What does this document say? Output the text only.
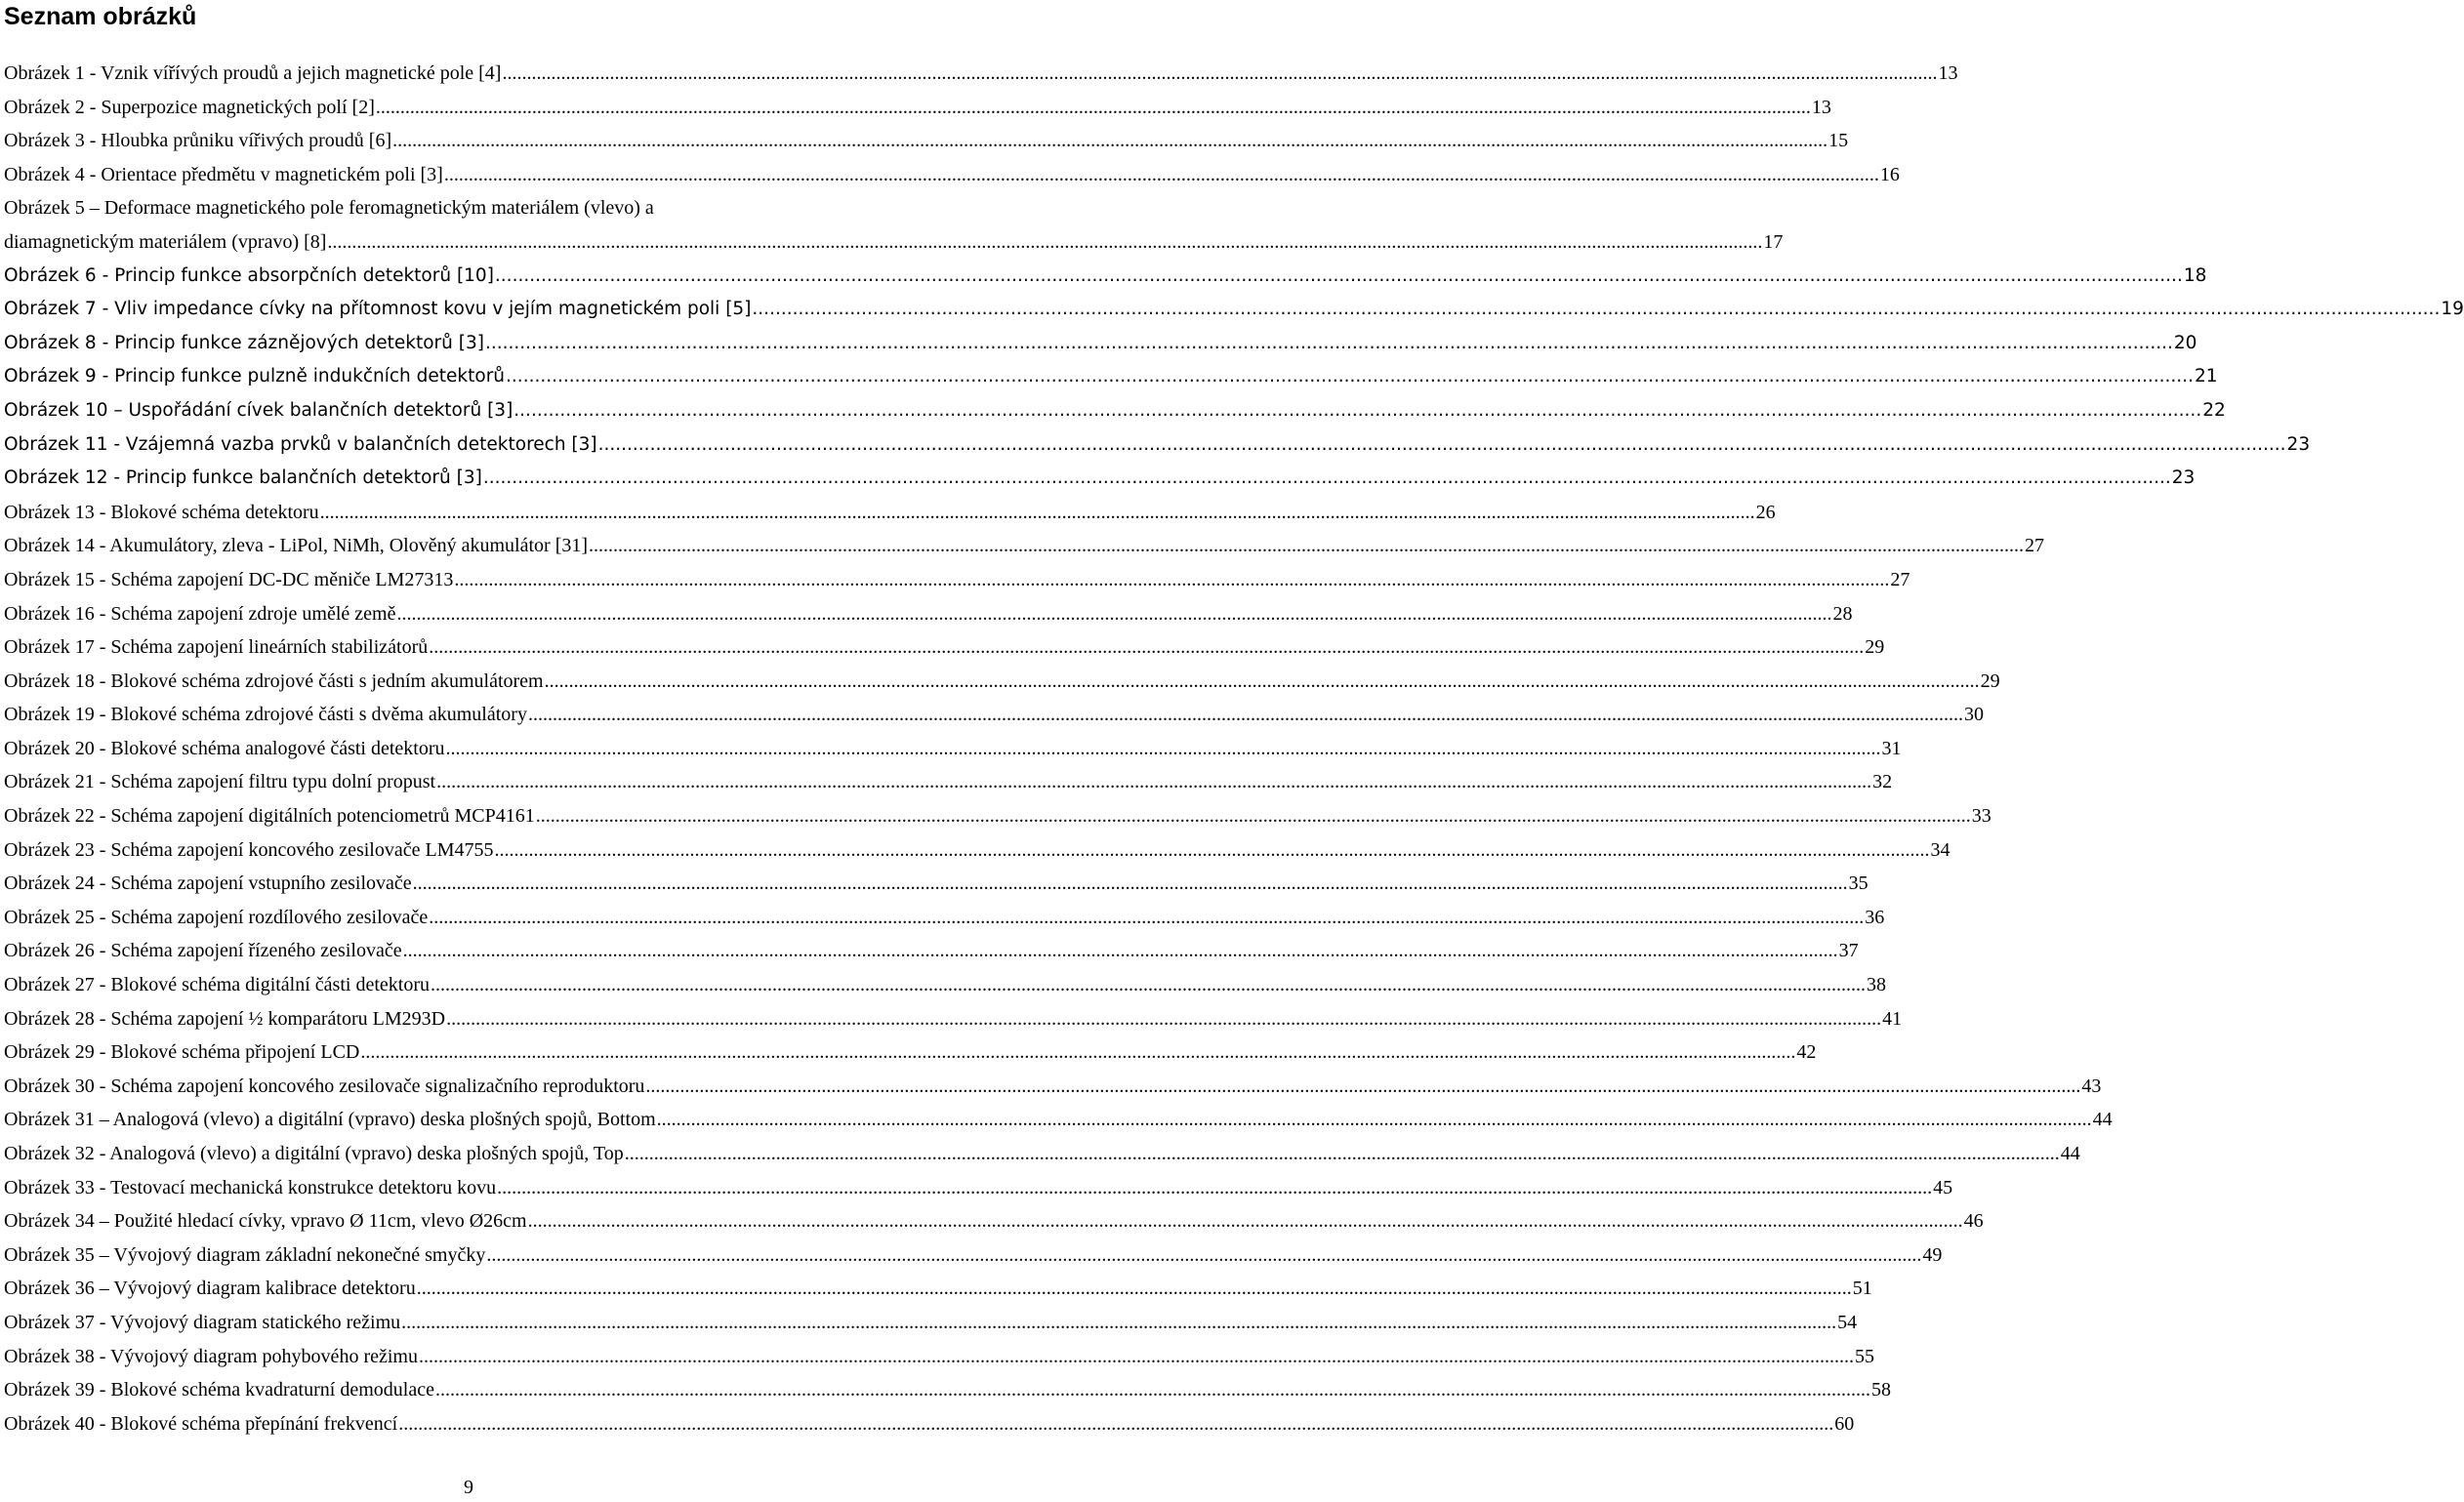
Seznam obrázků
Obrázek 1 - Vznik vířívých proudů a jejich magnetické pole [4] .....	13
Obrázek 2 - Superpozice magnetických polí [2] .....	13
Obrázek 3 - Hloubka průniku vířivých proudů [6] .....	15
Obrázek 4 - Orientace předmětu v magnetickém poli [3] .....	16
Obrázek 5 – Deformace magnetického pole feromagnetickým materiálem (vlevo) a
diamagnetickým materiálem (vpravo) [8] .....	17
Obrázek 6 - Princip funkce absorpčních detektorů [10] .....	18
Obrázek 7 - Vliv impedance cívky na přítomnost kovu v jejím magnetickém poli [5] .....	19
Obrázek 8 - Princip funkce záznějových detektorů [3] .....	20
Obrázek 9 - Princip funkce pulzně indukčních detektorů .....	21
Obrázek 10 – Uspořádání cívek balančních detektorů [3] .....	22
Obrázek 11 - Vzájemná vazba prvků v balančních detektorech [3] .....	23
Obrázek 12 - Princip funkce balančních detektorů [3] .....	23
Obrázek 13 - Blokové schéma detektoru .....	26
Obrázek 14 - Akumulátory, zleva - LiPol, NiMh, Olověný akumulátor [31] .....	27
Obrázek 15 - Schéma zapojení DC-DC měniče LM27313 .....	27
Obrázek 16 - Schéma zapojení zdroje umělé země .....	28
Obrázek 17 - Schéma zapojení lineárních stabilizátorů .....	29
Obrázek 18 - Blokové schéma zdrojové části s jedním akumulátorem .....	29
Obrázek 19 - Blokové schéma zdrojové části s dvěma akumulátory .....	30
Obrázek 20 - Blokové schéma analogové části detektoru .....	31
Obrázek 21 - Schéma zapojení filtru typu dolní propust .....	32
Obrázek 22 - Schéma zapojení digitálních potenciometrů MCP4161 .....	33
Obrázek 23 - Schéma zapojení koncového zesilovače LM4755 .....	34
Obrázek 24 - Schéma zapojení vstupního zesilovače .....	35
Obrázek 25 - Schéma zapojení rozdílového zesilovače .....	36
Obrázek 26 - Schéma zapojení řízeného zesilovače .....	37
Obrázek 27 - Blokové schéma digitální části detektoru .....	38
Obrázek 28 - Schéma zapojení ½ komparátoru LM293D .....	41
Obrázek 29 - Blokové schéma připojení LCD .....	42
Obrázek 30 - Schéma zapojení koncového zesilovače signalizačního reproduktoru .....	43
Obrázek 31 – Analogová (vlevo) a digitální (vpravo) deska plošných spojů, Bottom .....	44
Obrázek 32 - Analogová (vlevo) a digitální (vpravo) deska plošných spojů, Top .....	44
Obrázek 33 - Testovací mechanická konstrukce detektoru kovu .....	45
Obrázek 34 – Použité hledací cívky, vpravo Ø 11cm, vlevo Ø26cm .....	46
Obrázek 35 – Vývojový diagram základní nekonečné smyčky .....	49
Obrázek 36 – Vývojový diagram kalibrace detektoru .....	51
Obrázek 37 - Vývojový diagram statického režimu .....	54
Obrázek 38 - Vývojový diagram pohybového režimu .....	55
Obrázek 39 - Blokové schéma kvadraturní demodulace .....	58
Obrázek 40 - Blokové schéma přepínání frekvencí .....	60
9
